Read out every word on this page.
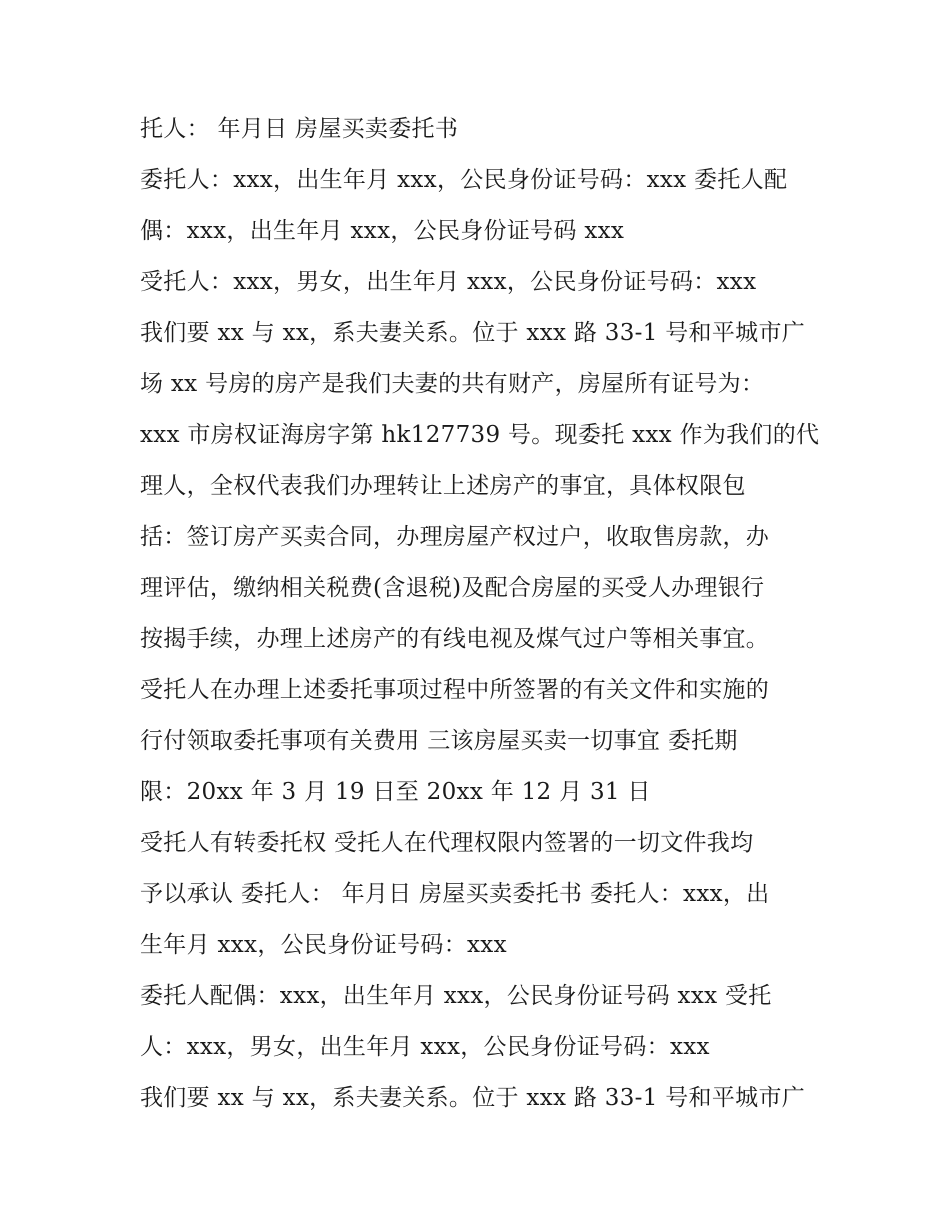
托人： 年月日 房屋买卖委托书
委托人：xxx，出生年月 xxx，公民身份证号码：xxx 委托人配
偶：xxx，出生年月 xxx，公民身份证号码 xxx
受托人：xxx，男女，出生年月 xxx，公民身份证号码：xxx
我们要 xx 与 xx，系夫妻关系。位于 xxx 路 33-1 号和平城市广
场 xx 号房的房产是我们夫妻的共有财产，房屋所有证号为：
xxx 市房权证海房字第 hk127739 号。现委托 xxx 作为我们的代
理人，全权代表我们办理转让上述房产的事宜，具体权限包
括：签订房产买卖合同，办理房屋产权过户，收取售房款，办
理评估，缴纳相关税费(含退税)及配合房屋的买受人办理银行
按揭手续，办理上述房产的有线电视及煤气过户等相关事宜。
受托人在办理上述委托事项过程中所签署的有关文件和实施的
行付领取委托事项有关费用 三该房屋买卖一切事宜 委托期
限：20xx 年 3 月 19 日至 20xx 年 12 月 31 日
受托人有转委托权 受托人在代理权限内签署的一切文件我均
予以承认 委托人： 年月日 房屋买卖委托书 委托人：xxx，出
生年月 xxx，公民身份证号码：xxx
委托人配偶：xxx，出生年月 xxx，公民身份证号码 xxx 受托
人：xxx，男女，出生年月 xxx，公民身份证号码：xxx
我们要 xx 与 xx，系夫妻关系。位于 xxx 路 33-1 号和平城市广
